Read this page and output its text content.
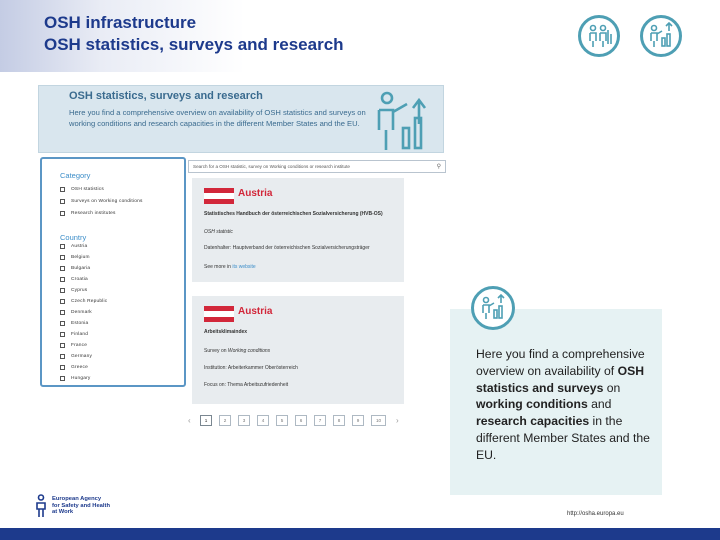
OSH infrastructure
OSH statistics, surveys and research
OSH statistics, surveys and research
Here you find a comprehensive overview on availability of OSH statistics and surveys on working conditions and research capacities in the different Member States and the EU.
Search for a OSH statistic, survey on Working conditions or research institute	⚲
Category
OSH statistics
Surveys on Working conditions
Research institutes
Country
Austria
Belgium
Bulgaria
Croatia
Cyprus
Czech Republic
Denmark
Estonia
Finland
France
Germany
Greece
Hungary
Austria
Statistisches Handbuch der österreichischen Sozialversicherung (HVB-OS)
OSH statistic
Datenhalter: Hauptverband der österreichischen Sozialversicherungsträger
See more in its website
Austria
Arbeitsklimaindex
Survey on Working conditions
Institution: Arbeiterkammer Oberösterreich
Focus on: Thema Arbeitszufriedenheit
‹	1	2	3	4	5	6	7	8	9	10	›
Here you find a comprehensive overview on availability of OSH statistics and surveys on working conditions and research capacities in the different Member States and the EU.
European Agency
for Safety and Health
at Work	http://osha.europa.eu
22
